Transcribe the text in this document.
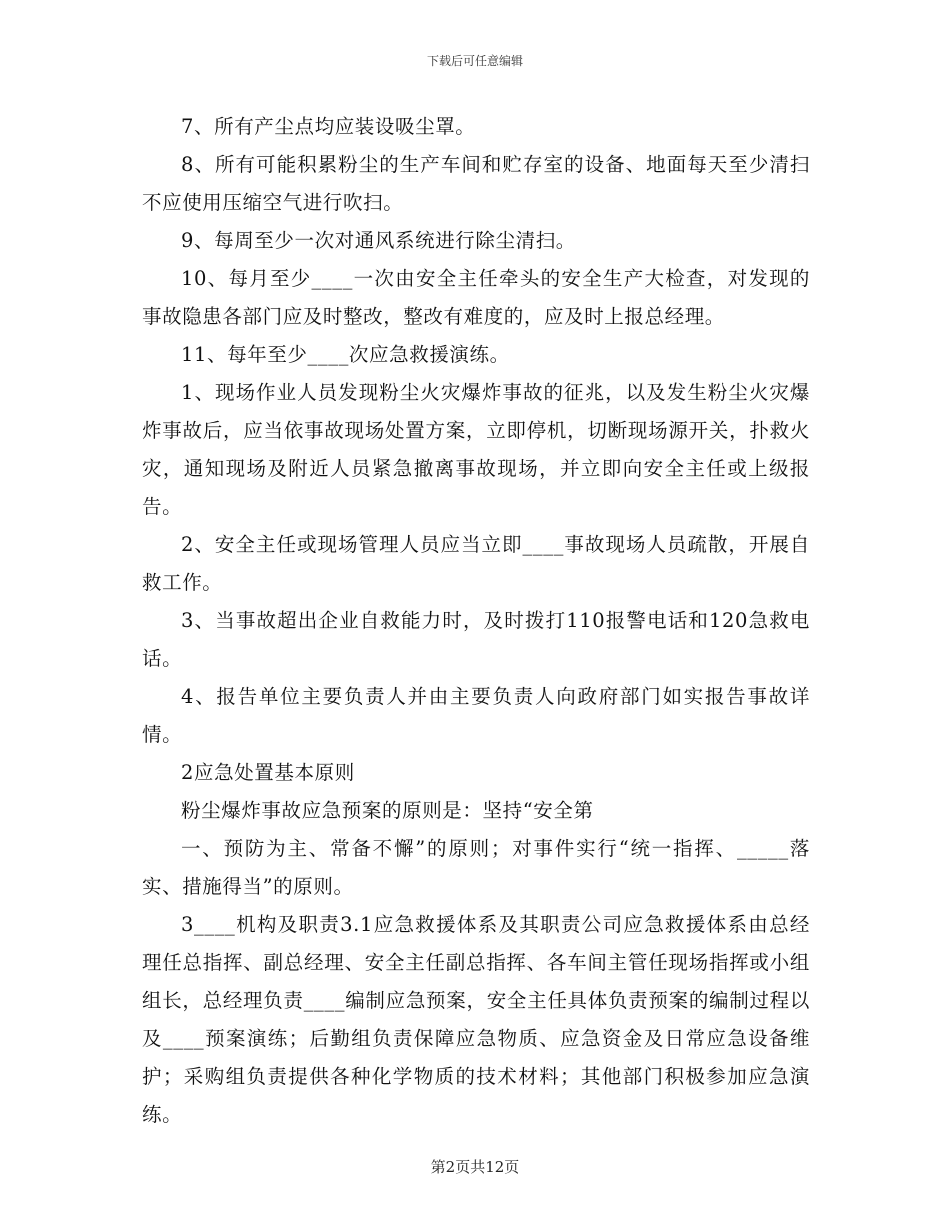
下载后可任意编辑

7、所有产尘点均应装设吸尘罩。

8、所有可能积累粉尘的生产车间和贮存室的设备、地面每天至少清扫不应使用压缩空气进行吹扫。

9、每周至少一次对通风系统进行除尘清扫。

10、每月至少____一次由安全主任牵头的安全生产大检查，对发现的事故隐患各部门应及时整改，整改有难度的，应及时上报总经理。

11、每年至少____次应急救援演练。

1、现场作业人员发现粉尘火灾爆炸事故的征兆，以及发生粉尘火灾爆炸事故后，应当依事故现场处置方案，立即停机，切断现场源开关，扑救火灾，通知现场及附近人员紧急撤离事故现场，并立即向安全主任或上级报告。

2、安全主任或现场管理人员应当立即____事故现场人员疏散，开展自救工作。

3、当事故超出企业自救能力时，及时拨打110报警电话和120急救电话。

4、报告单位主要负责人并由主要负责人向政府部门如实报告事故详情。

2应急处置基本原则

粉尘爆炸事故应急预案的原则是：坚持“安全第

一、预防为主、常备不懈”的原则；对事件实行“统一指挥、_____落实、措施得当”的原则。

3____机构及职责3.1应急救援体系及其职责公司应急救援体系由总经理任总指挥、副总经理、安全主任副总指挥、各车间主管任现场指挥或小组组长，总经理负责____编制应急预案，安全主任具体负责预案的编制过程以及____预案演练；后勤组负责保障应急物质、应急资金及日常应急设备维护；采购组负责提供各种化学物质的技术材料；其他部门积极参加应急演练。

第2页共12页
